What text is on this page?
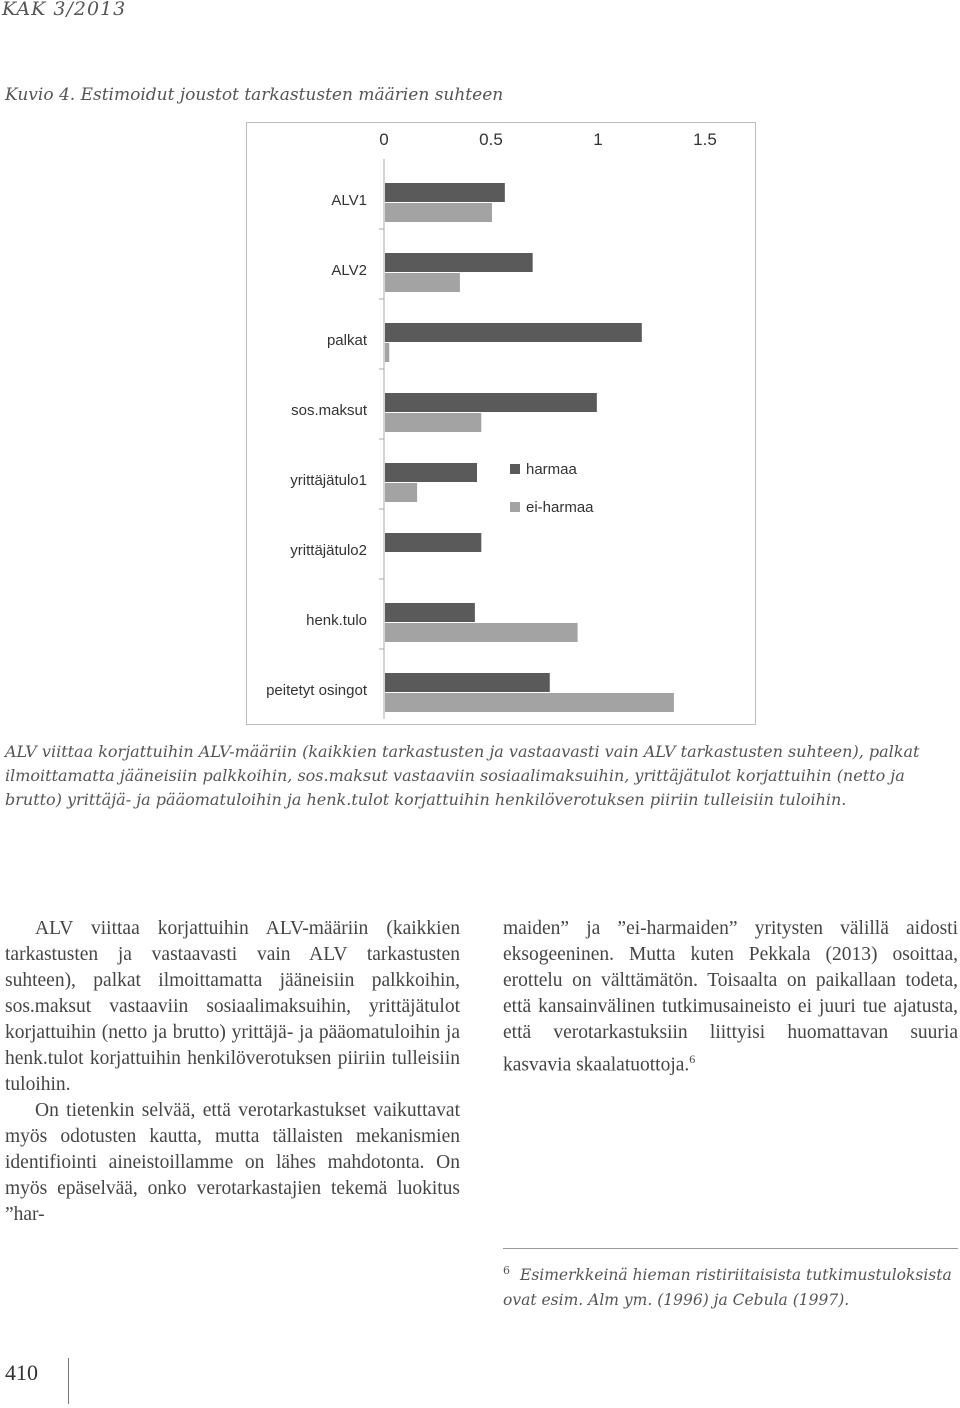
KAK 3/2013
Kuvio 4. Estimoidut joustot tarkastusten määrien suhteen
0	0.5	1	1.5
ALV1
ALV2
palkat
sos.maksut
yrittäjätulo1
yrittäjätulo2
henk.tulo
peitetyt osingot
harmaa
ei-harmaa

ALV viittaa korjattuihin ALV-määriin (kaikkien tarkastusten ja vastaavasti vain ALV tarkastusten suhteen), palkat ilmoittamatta jääneisiin palkkoihin, sos.maksut vastaaviin sosiaalimaksuihin, yrittäjätulot korjattuihin (netto ja brutto) yrittäjä- ja pääomatuloihin ja henk.tulot korjattuihin henkilöverotuksen piiriin tulleisiin tuloihin.

ALV viittaa korjattuihin ALV-määriin (kaikkien tarkastusten ja vastaavasti vain ALV tarkastusten suhteen), palkat ilmoittamatta jääneisiin palkkoihin, sos.maksut vastaaviin sosiaalimaksuihin, yrittäjätulot korjattuihin (netto ja brutto) yrittäjä- ja pääomatuloihin ja henk.tulot korjattuihin henkilöverotuksen piiriin tulleisiin tuloihin.

On tietenkin selvää, että verotarkastukset vaikuttavat myös odotusten kautta, mutta tällaisten mekanismien identifiointi aineistoillamme on lähes mahdotonta. On myös epäselvää, onko verotarkastajien tekemä luokitus ”har-

maiden” ja ”ei-harmaiden” yritysten välillä aidosti eksogeeninen. Mutta kuten Pekkala (2013) osoittaa, erottelu on välttämätön. Toisaalta on paikallaan todeta, että kansainvälinen tutkimusaineisto ei juuri tue ajatusta, että verotarkastuksiin liittyisi huomattavan suuria kasvavia skaalatuottoja.$^6$

$^6$ Esimerkkeinä hieman ristiriitaisista tutkimustuloksista ovat esim. Alm ym. (1996) ja Cebula (1997).

410
